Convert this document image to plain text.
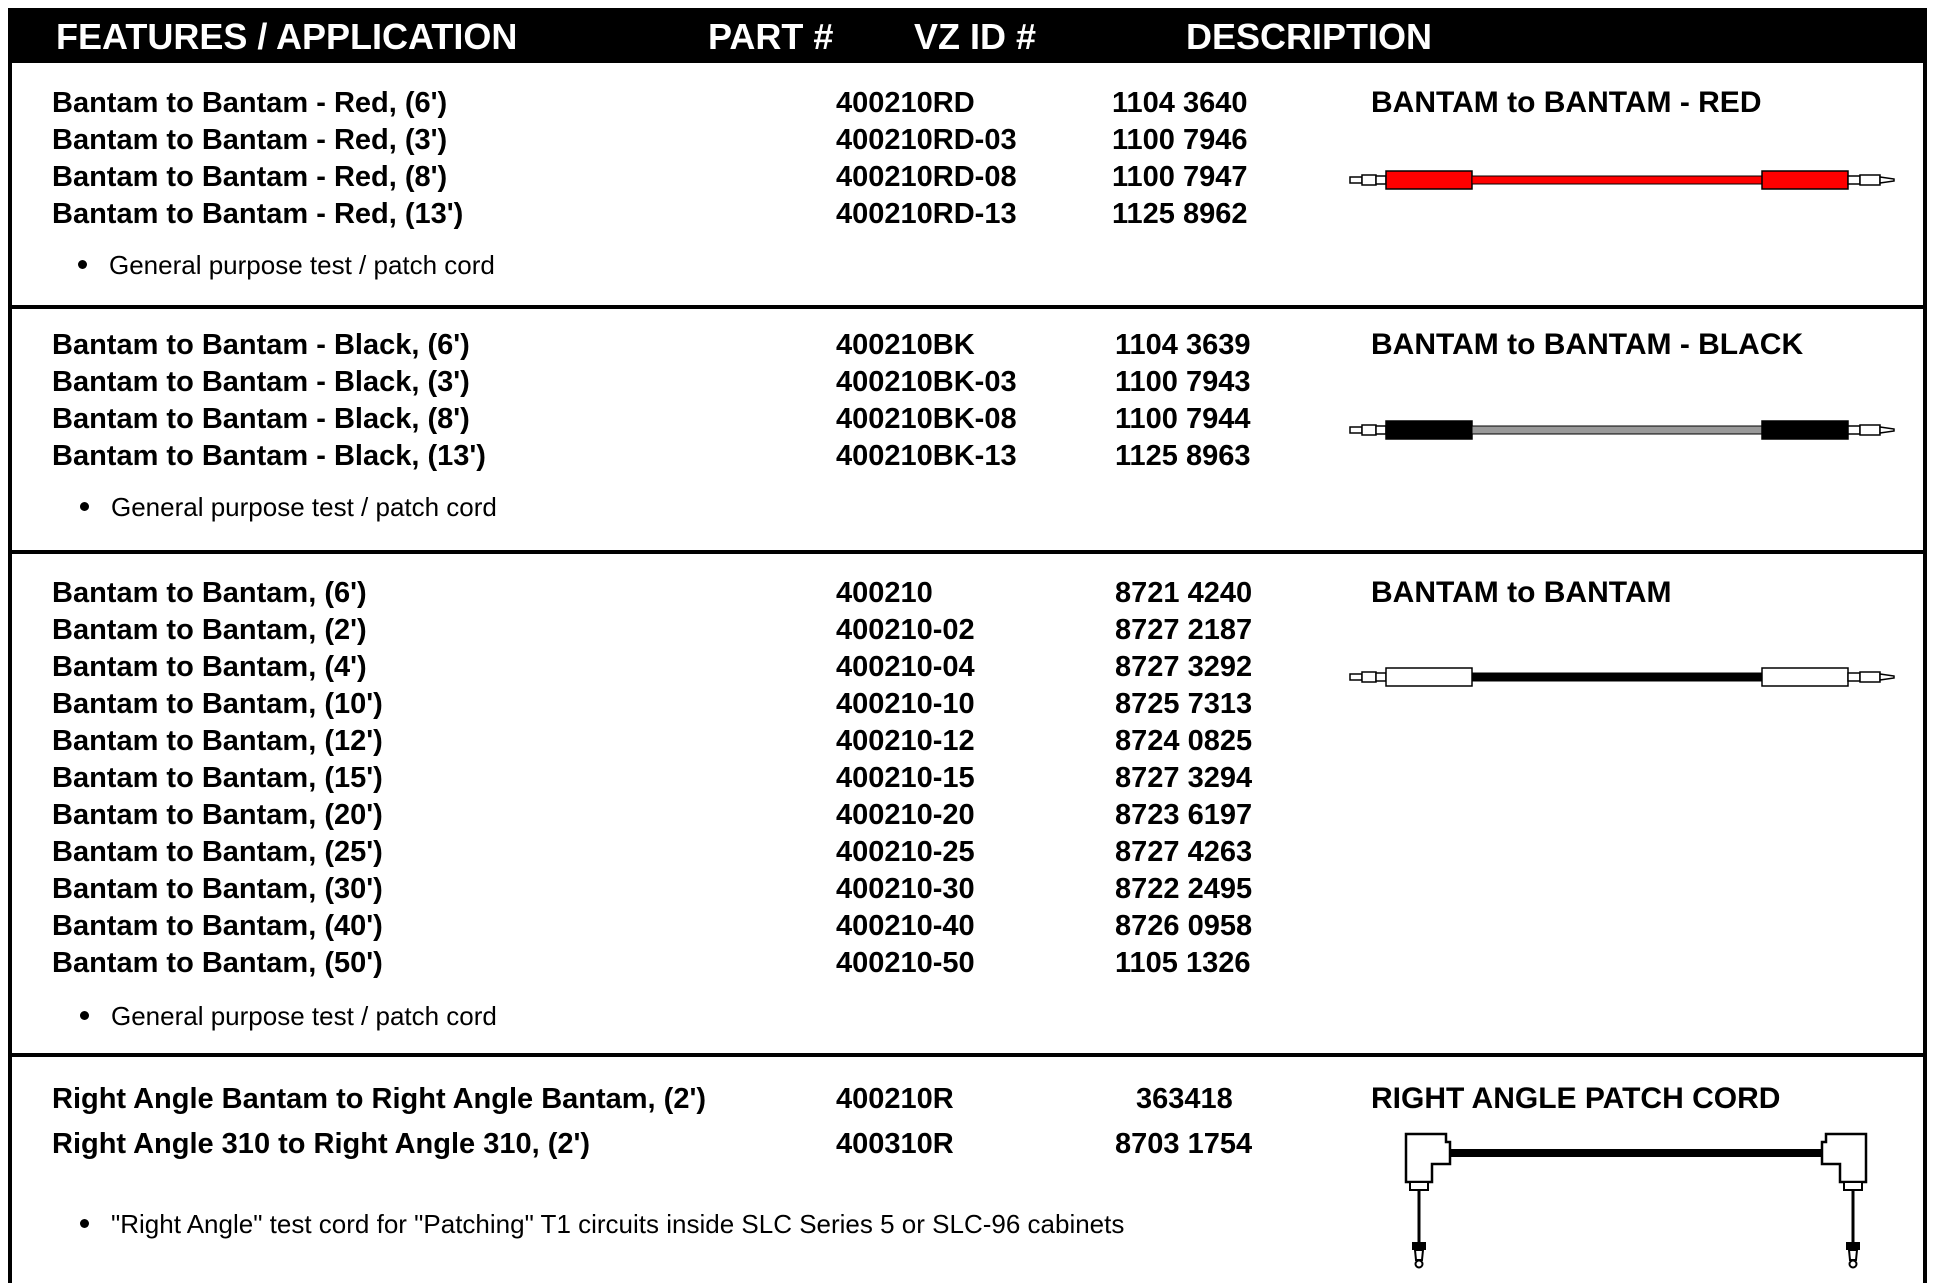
FEATURES / APPLICATION	PART # VZ ID #	DESCRIPTION
Bantam to Bantam - Red, (6')
Bantam to Bantam - Red, (3')
Bantam to Bantam - Red, (8')
Bantam to Bantam - Red, (13')
400210RD
400210RD-03
400210RD-08
400210RD-13
1104 3640
1100 7946
1100 7947
1125 8962
General purpose test / patch cord
BANTAM to BANTAM - RED
Bantam to Bantam - Black, (6')
Bantam to Bantam - Black, (3')
Bantam to Bantam - Black, (8')
Bantam to Bantam - Black, (13')
400210BK
400210BK-03
400210BK-08
400210BK-13
1104 3639
1100 7943
1100 7944
1125 8963
General purpose test / patch cord
BANTAM to BANTAM - BLACK
Bantam to Bantam, (6')
Bantam to Bantam, (2')
Bantam to Bantam, (4')
Bantam to Bantam, (10')
Bantam to Bantam, (12')
Bantam to Bantam, (15')
Bantam to Bantam, (20')
Bantam to Bantam, (25')
Bantam to Bantam, (30')
Bantam to Bantam, (40')
Bantam to Bantam, (50')
400210
400210-02
400210-04
400210-10
400210-12
400210-15
400210-20
400210-25
400210-30
400210-40
400210-50
8721 4240
8727 2187
8727 3292
8725 7313
8724 0825
8727 3294
8723 6197
8727 4263
8722 2495
8726 0958
1105 1326
General purpose test / patch cord
BANTAM to BANTAM
Right Angle Bantam to Right Angle Bantam, (2')
Right Angle 310 to Right Angle 310, (2')
400210R
400310R
363418
8703 1754
"Right Angle" test cord for "Patching" T1 circuits inside SLC Series 5 or SLC-96 cabinets
RIGHT ANGLE PATCH CORD
